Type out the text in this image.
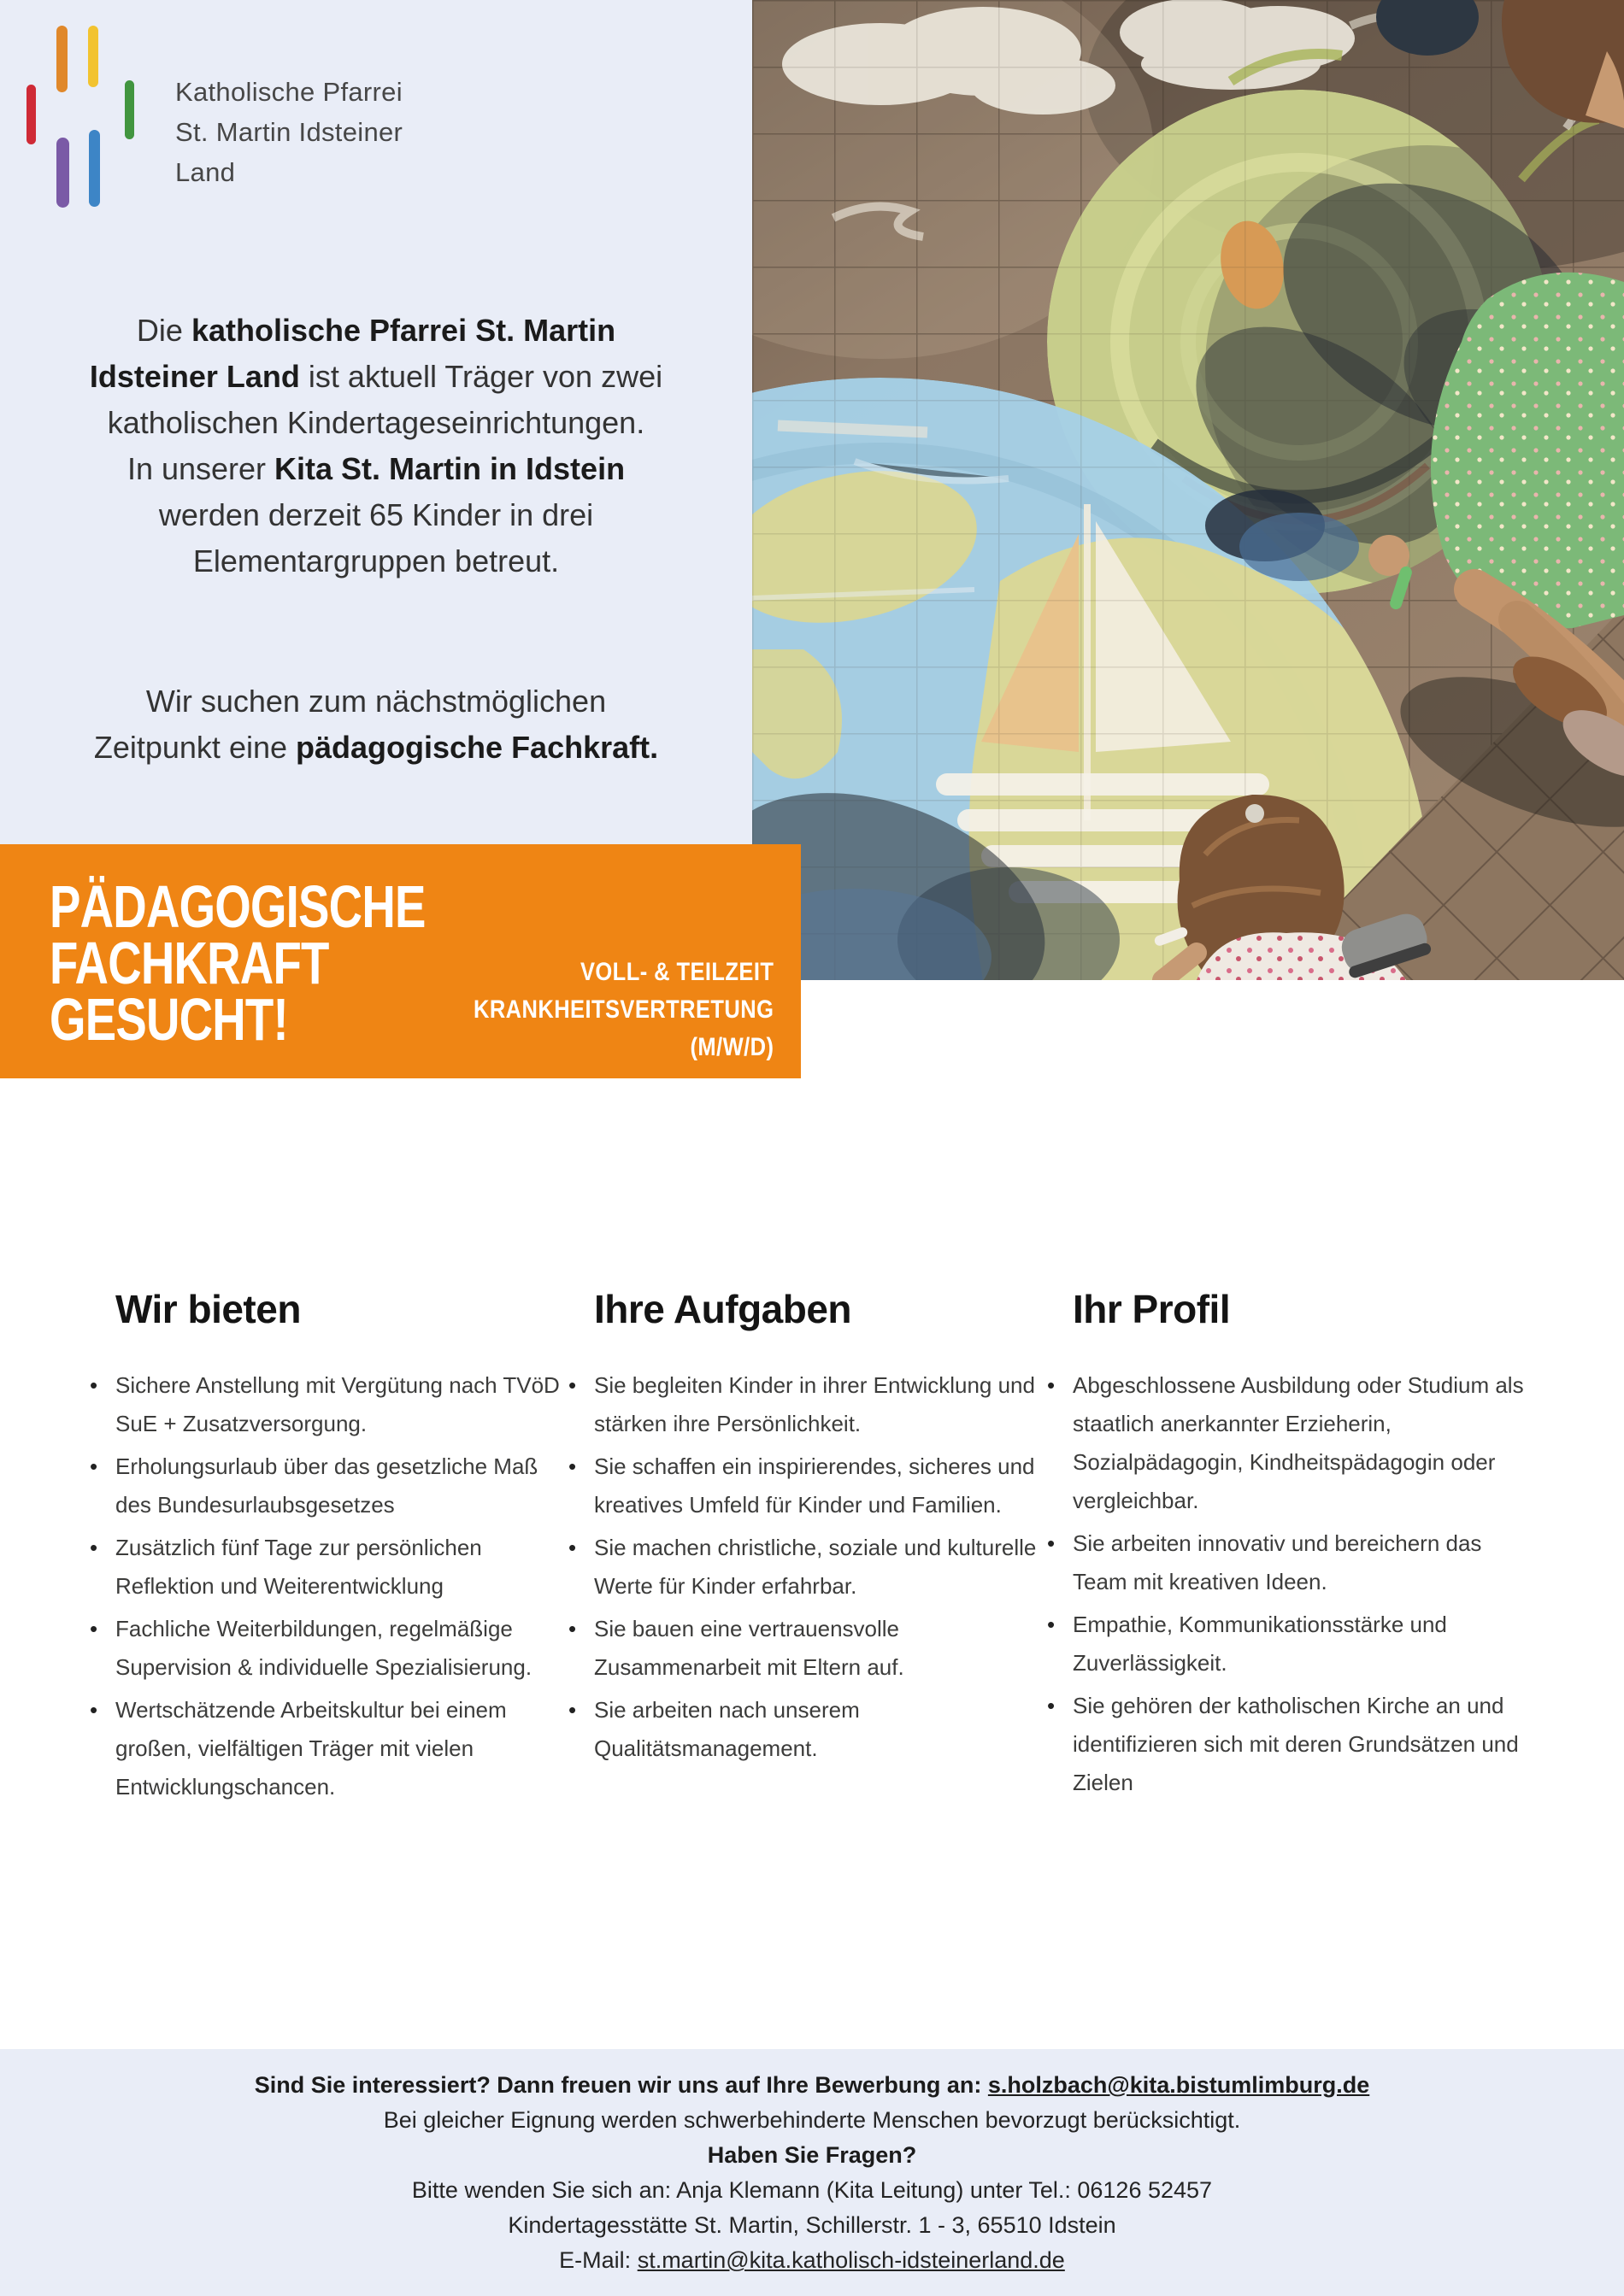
Katholische Pfarrei
St. Martin Idsteiner Land

Die katholische Pfarrei St. Martin
Idsteiner Land ist aktuell Träger von zwei
katholischen Kindertageseinrichtungen.
In unserer Kita St. Martin in Idstein
werden derzeit 65 Kinder in drei
Elementargruppen betreut.

Wir suchen zum nächstmöglichen
Zeitpunkt eine pädagogische Fachkraft.

PÄDAGOGISCHE
FACHKRAFT
GESUCHT!
VOLL- & TEILZEIT
KRANKHEITSVERTRETUNG
(M/W/D)
Wir bieten
• Sichere Anstellung mit Vergütung nach TVöD SuE + Zusatzversorgung.
• Erholungsurlaub über das gesetzliche Maß des Bundesurlaubsgesetzes
• Zusätzlich fünf Tage zur persönlichen Reflektion und Weiterentwicklung
• Fachliche Weiterbildungen, regelmäßige Supervision & individuelle Spezialisierung.
• Wertschätzende Arbeitskultur bei einem großen, vielfältigen Träger mit vielen Entwicklungschancen.
Ihre Aufgaben
• Sie begleiten Kinder in ihrer Entwicklung und stärken ihre Persönlichkeit.
• Sie schaffen ein inspirierendes, sicheres und kreatives Umfeld für Kinder und Familien.
• Sie machen christliche, soziale und kulturelle Werte für Kinder erfahrbar.
• Sie bauen eine vertrauensvolle Zusammenarbeit mit Eltern auf.
• Sie arbeiten nach unserem Qualitätsmanagement.
Ihr Profil
• Abgeschlossene Ausbildung oder Studium als staatlich anerkannter Erzieherin, Sozialpädagogin, Kindheitspädagogin oder vergleichbar.
• Sie arbeiten innovativ und bereichern das Team mit kreativen Ideen.
• Empathie, Kommunikationsstärke und Zuverlässigkeit.
• Sie gehören der katholischen Kirche an und identifizieren sich mit deren Grundsätzen und Zielen
Sind Sie interessiert? Dann freuen wir uns auf Ihre Bewerbung an: s.holzbach@kita.bistumlimburg.de
Bei gleicher Eignung werden schwerbehinderte Menschen bevorzugt berücksichtigt.
Haben Sie Fragen?
Bitte wenden Sie sich an: Anja Klemann (Kita Leitung) unter Tel.: 06126 52457
Kindertagesstätte St. Martin, Schillerstr. 1 - 3, 65510 Idstein
E-Mail: st.martin@kita.katholisch-idsteinerland.de
